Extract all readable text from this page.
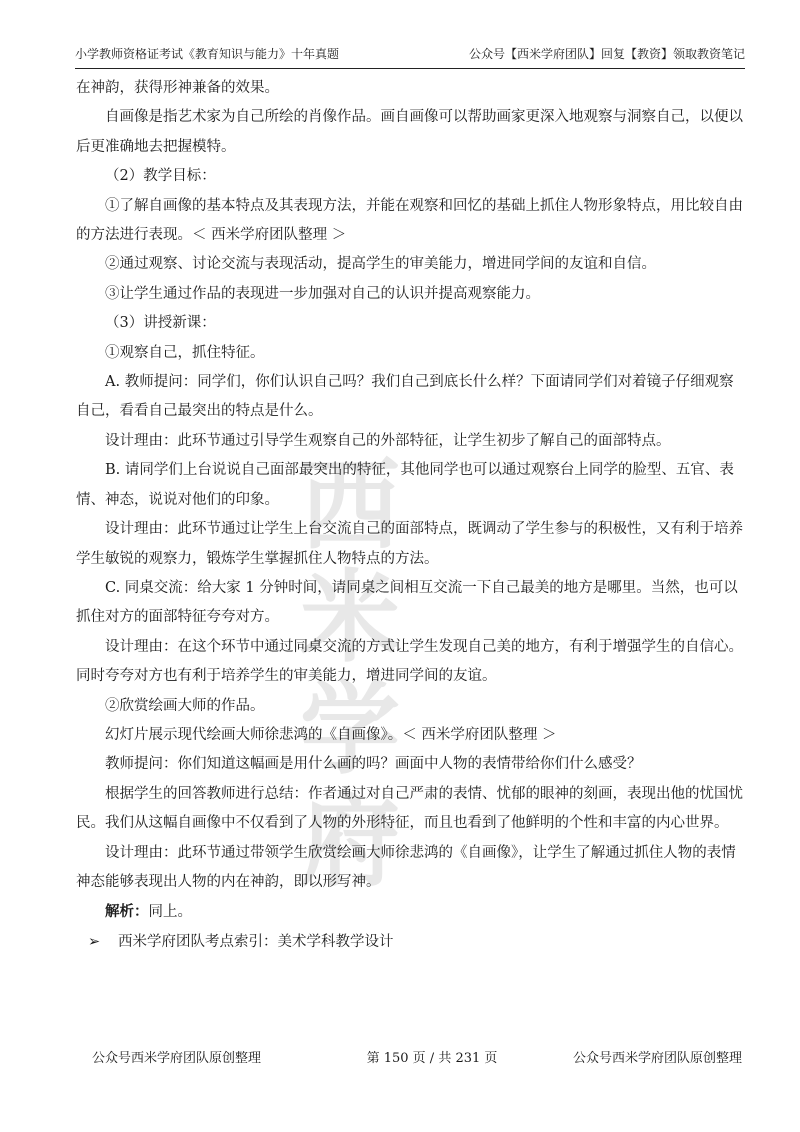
小学教师资格证考试《教育知识与能力》十年真题	公众号【西米学府团队】回复【教资】领取教资笔记
西米学府

在神韵，获得形神兼备的效果。

自画像是指艺术家为自己所绘的肖像作品。画自画像可以帮助画家更深入地观察与洞察自己，以便以后更准确地去把握模特。

（2）教学目标：

①了解自画像的基本特点及其表现方法，并能在观察和回忆的基础上抓住人物形象特点，用比较自由的方法进行表现。＜ 西米学府团队整理 ＞

②通过观察、讨论交流与表现活动，提高学生的审美能力，增进同学间的友谊和自信。

③让学生通过作品的表现进一步加强对自己的认识并提高观察能力。

（3）讲授新课：

①观察自己，抓住特征。

A. 教师提问：同学们，你们认识自己吗？我们自己到底长什么样？下面请同学们对着镜子仔细观察自己，看看自己最突出的特点是什么。

设计理由：此环节通过引导学生观察自己的外部特征，让学生初步了解自己的面部特点。

B. 请同学们上台说说自己面部最突出的特征，其他同学也可以通过观察台上同学的脸型、五官、表情、神态，说说对他们的印象。

设计理由：此环节通过让学生上台交流自己的面部特点，既调动了学生参与的积极性，又有利于培养学生敏锐的观察力，锻炼学生掌握抓住人物特点的方法。

C. 同桌交流：给大家 1 分钟时间，请同桌之间相互交流一下自己最美的地方是哪里。当然，也可以抓住对方的面部特征夸夸对方。

设计理由：在这个环节中通过同桌交流的方式让学生发现自己美的地方，有利于增强学生的自信心。同时夸夸对方也有利于培养学生的审美能力，增进同学间的友谊。

②欣赏绘画大师的作品。

幻灯片展示现代绘画大师徐悲鸿的《自画像》。＜ 西米学府团队整理 ＞

教师提问：你们知道这幅画是用什么画的吗？画面中人物的表情带给你们什么感受？

根据学生的回答教师进行总结：作者通过对自己严肃的表情、忧郁的眼神的刻画，表现出他的忧国忧民。我们从这幅自画像中不仅看到了人物的外形特征，而且也看到了他鲜明的个性和丰富的内心世界。

设计理由：此环节通过带领学生欣赏绘画大师徐悲鸿的《自画像》，让学生了解通过抓住人物的表情神态能够表现出人物的内在神韵，即以形写神。

解析：同上。

➢ 西米学府团队考点索引：美术学科教学设计

公众号西米学府团队原创整理	第 150 页 / 共 231 页	公众号西米学府团队原创整理
